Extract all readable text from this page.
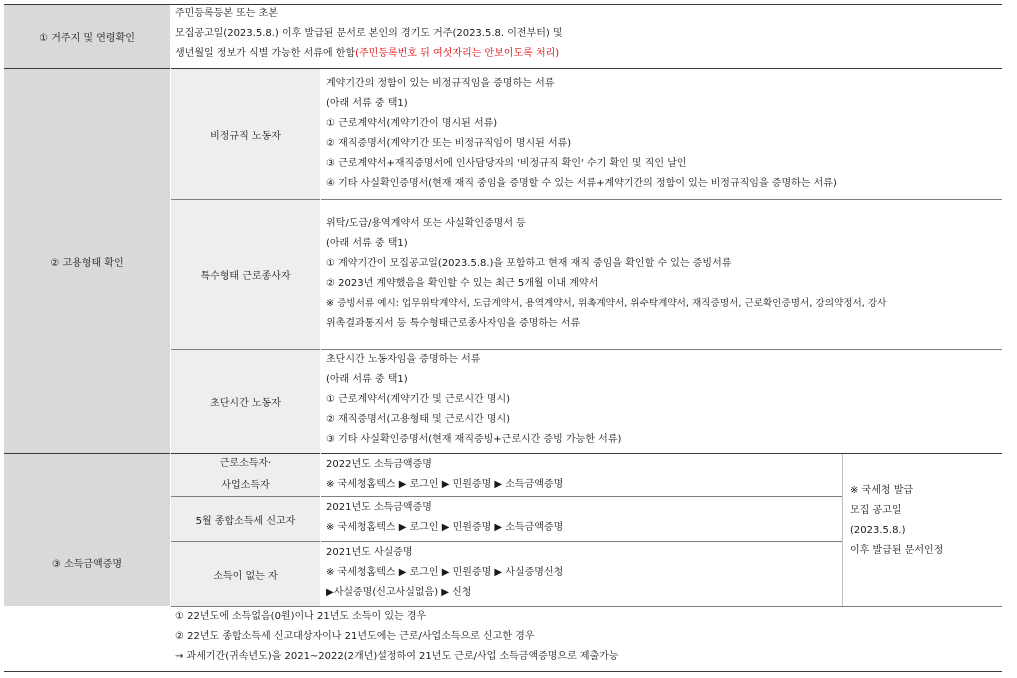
① 거주지 및 연령확인
주민등록등본 또는 초본
모집공고일(2023.5.8.) 이후 발급된 문서로 본인의 경기도 거주(2023.5.8. 이전부터) 및
생년월일 정보가 식별 가능한 서류에 한함(주민등록번호 뒤 여섯자리는 안보이도록 처리)
② 고용형태 확인
비정규직 노동자
계약기간의 정함이 있는 비정규직임을 증명하는 서류
(아래 서류 중 택1)
① 근로계약서(계약기간이 명시된 서류)
② 재직증명서(계약기간 또는 비정규직임이 명시된 서류)
③ 근로계약서+재직증명서에 인사담당자의 '비정규직 확인' 수기 확인 및 직인 날인
④ 기타 사실확인증명서(현재 재직 중임을 증명할 수 있는 서류+계약기간의 정함이 있는 비정규직임을 증명하는 서류)
특수형태 근로종사자
위탁/도급/용역계약서 또는 사실확인증명서 등
(아래 서류 중 택1)
① 계약기간이 모집공고일(2023.5.8.)을 포함하고 현재 재직 중임을 확인할 수 있는 증빙서류
② 2023년 계약했음을 확인할 수 있는 최근 5개월 이내 계약서
※ 증빙서류 예시: 업무위탁계약서, 도급계약서, 용역계약서, 위촉계약서, 위수탁계약서, 재직증명서, 근로확인증명서, 강의약정서, 강사
위촉결과통지서 등 특수형태근로종사자임을 증명하는 서류
초단시간 노동자
초단시간 노동자임을 증명하는 서류
(아래 서류 중 택1)
① 근로계약서(계약기간 및 근로시간 명시)
② 재직증명서(고용형태 및 근로시간 명시)
③ 기타 사실확인증명서(현재 재직증빙+근로시간 증빙 가능한 서류)
③ 소득금액증명
근로소득자·
사업소득자
2022년도 소득금액증명
※ 국세청홈텍스 ▶ 로그인 ▶ 민원증명 ▶ 소득금액증명
5월 종합소득세 신고자
2021년도 소득금액증명
※ 국세청홈텍스 ▶ 로그인 ▶ 민원증명 ▶ 소득금액증명
소득이 없는 자
2021년도 사실증명
※ 국세청홈텍스 ▶ 로그인 ▶ 민원증명 ▶ 사실증명신청
▶사실증명(신고사실없음) ▶ 신청
※ 국세청 발급
모집 공고일
(2023.5.8.)
이후 발급된 문서인정
① 22년도에 소득없음(0원)이나 21년도 소득이 있는 경우
② 22년도 종합소득세 신고대상자이나 21년도에는 근로/사업소득으로 신고한 경우
→ 과세기간(귀속년도)을 2021~2022(2개년)설정하여 21년도 근로/사업 소득금액증명으로 제출가능
